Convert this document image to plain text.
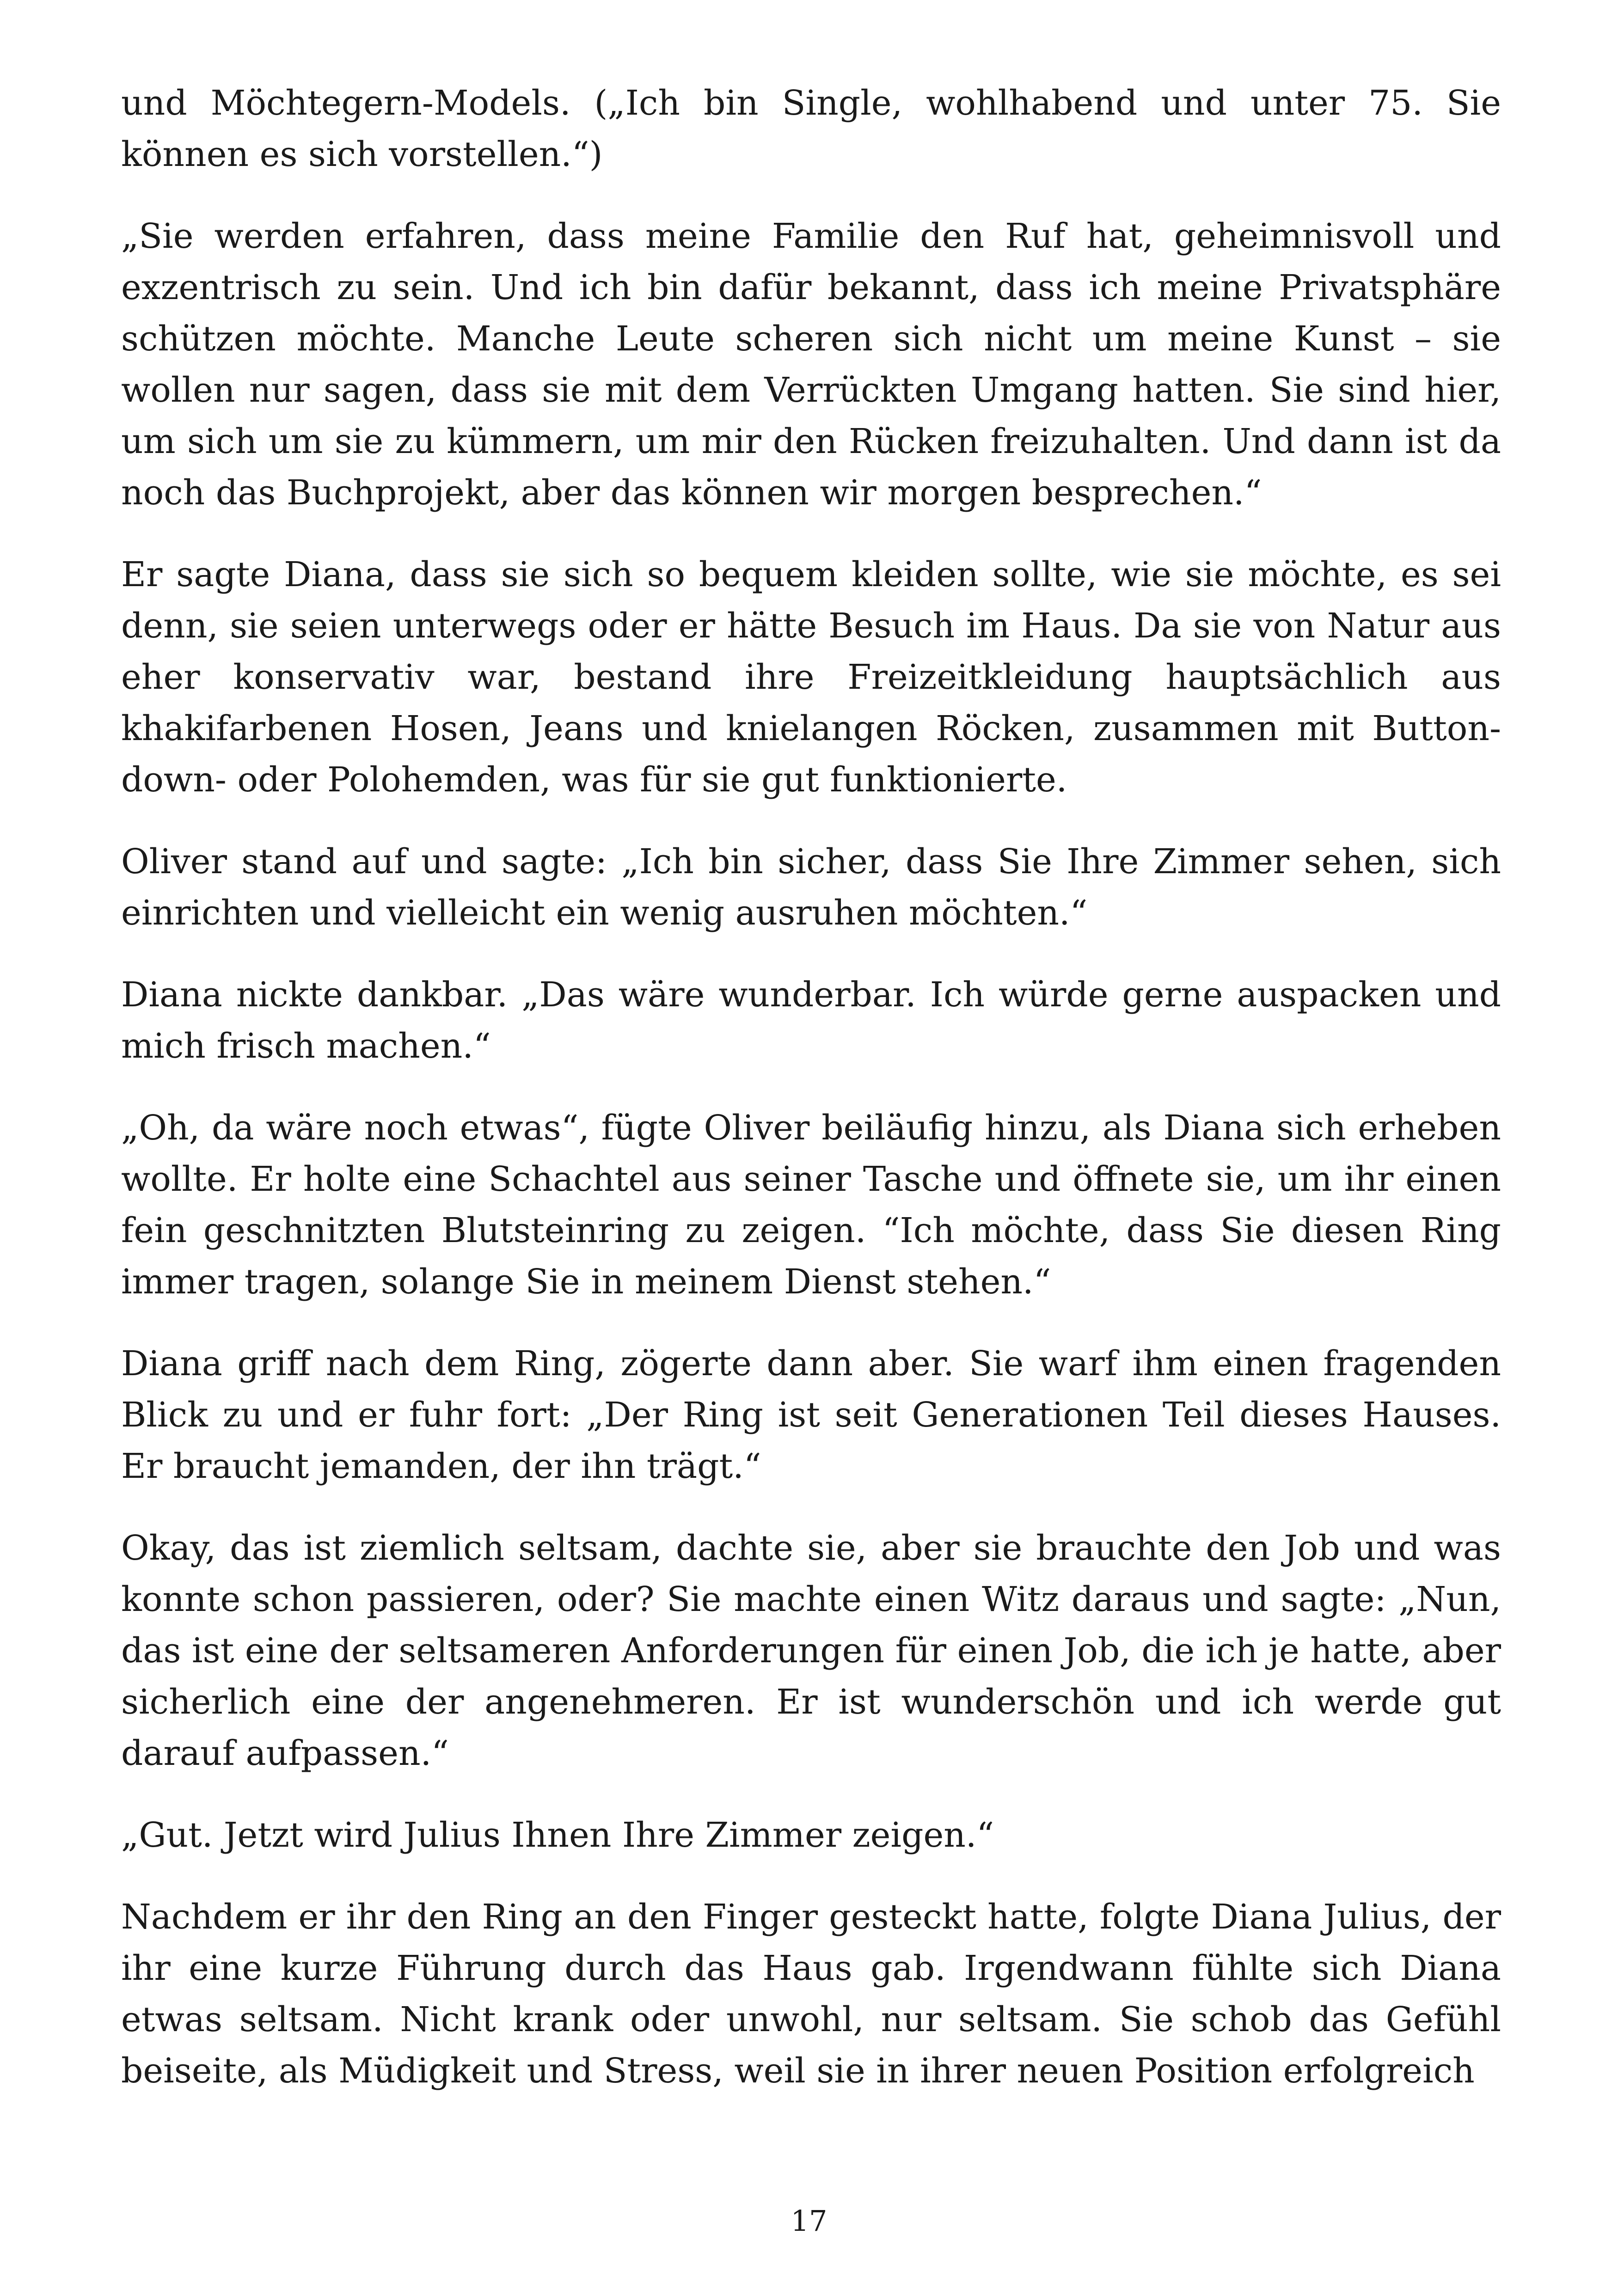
und Möchtegern-Models. („Ich bin Single, wohlhabend und unter 75. Sie können es sich vorstellen.“)

„Sie werden erfahren, dass meine Familie den Ruf hat, geheimnisvoll und exzentrisch zu sein. Und ich bin dafür bekannt, dass ich meine Privatsphäre schützen möchte. Manche Leute scheren sich nicht um meine Kunst – sie wollen nur sagen, dass sie mit dem Verrückten Umgang hatten. Sie sind hier, um sich um sie zu kümmern, um mir den Rücken freizuhalten. Und dann ist da noch das Buchprojekt, aber das können wir morgen besprechen.“

Er sagte Diana, dass sie sich so bequem kleiden sollte, wie sie möchte, es sei denn, sie seien unterwegs oder er hätte Besuch im Haus. Da sie von Natur aus eher konservativ war, bestand ihre Freizeitkleidung hauptsächlich aus khakifarbenen Hosen, Jeans und knielangen Röcken, zusammen mit Button-down- oder Polohemden, was für sie gut funktionierte.

Oliver stand auf und sagte: „Ich bin sicher, dass Sie Ihre Zimmer sehen, sich einrichten und vielleicht ein wenig ausruhen möchten.“

Diana nickte dankbar. „Das wäre wunderbar. Ich würde gerne auspacken und mich frisch machen.“

„Oh, da wäre noch etwas“, fügte Oliver beiläufig hinzu, als Diana sich erheben wollte. Er holte eine Schachtel aus seiner Tasche und öffnete sie, um ihr einen fein geschnitzten Blutsteinring zu zeigen. “Ich möchte, dass Sie diesen Ring immer tragen, solange Sie in meinem Dienst stehen.“

Diana griff nach dem Ring, zögerte dann aber. Sie warf ihm einen fragenden Blick zu und er fuhr fort: „Der Ring ist seit Generationen Teil dieses Hauses. Er braucht jemanden, der ihn trägt.“

Okay, das ist ziemlich seltsam, dachte sie, aber sie brauchte den Job und was konnte schon passieren, oder? Sie machte einen Witz daraus und sagte: „Nun, das ist eine der seltsameren Anforderungen für einen Job, die ich je hatte, aber sicherlich eine der angenehmeren. Er ist wunderschön und ich werde gut darauf aufpassen.“

„Gut. Jetzt wird Julius Ihnen Ihre Zimmer zeigen.“

Nachdem er ihr den Ring an den Finger gesteckt hatte, folgte Diana Julius, der ihr eine kurze Führung durch das Haus gab. Irgendwann fühlte sich Diana etwas seltsam. Nicht krank oder unwohl, nur seltsam. Sie schob das Gefühl beiseite, als Müdigkeit und Stress, weil sie in ihrer neuen Position erfolgreich

17
